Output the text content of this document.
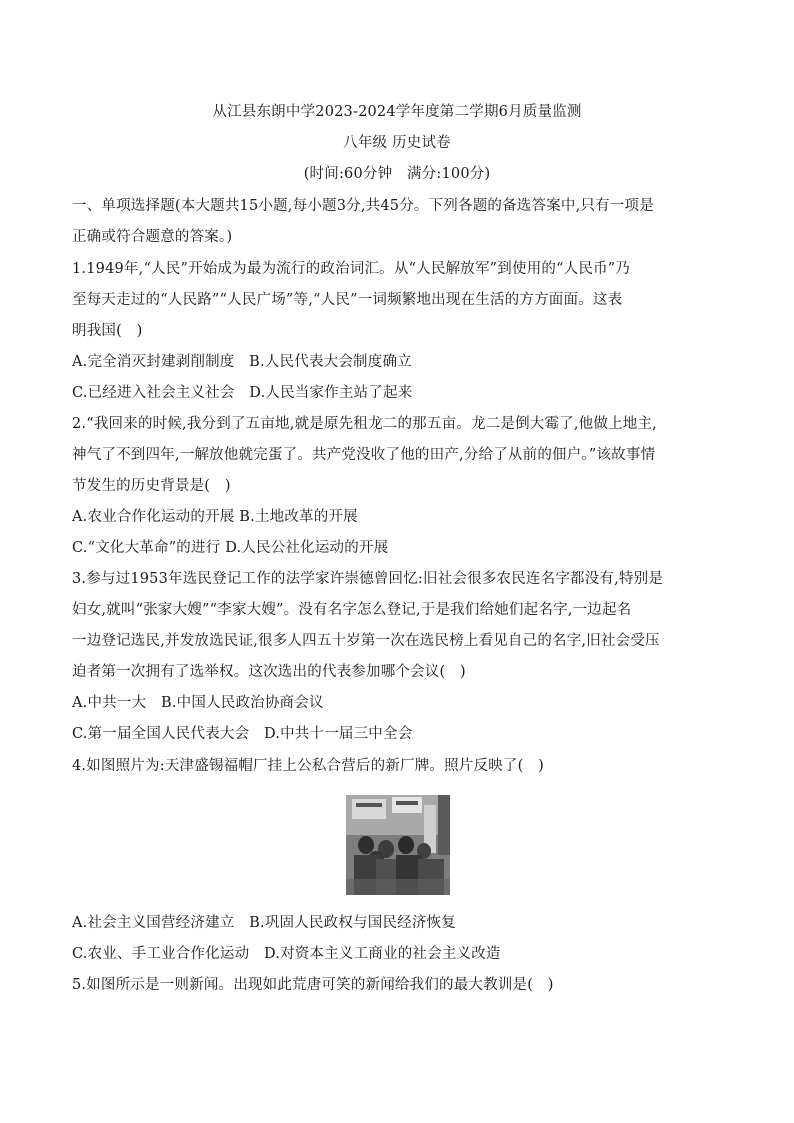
从江县东朗中学2023-2024学年度第二学期6月质量监测
八年级 历史试卷
(时间:60分钟　满分:100分)
一、单项选择题(本大题共15小题,每小题3分,共45分。下列各题的备选答案中,只有一项是
正确或符合题意的答案。)
1.1949年,“人民”开始成为最为流行的政治词汇。从“人民解放军”到使用的“人民币”乃
至每天走过的“人民路”“人民广场”等,“人民”一词频繁地出现在生活的方方面面。这表
明我国(　)
A.完全消灭封建剥削制度　B.人民代表大会制度确立
C.已经进入社会主义社会　D.人民当家作主站了起来
2.“我回来的时候,我分到了五亩地,就是原先租龙二的那五亩。龙二是倒大霉了,他做上地主,
神气了不到四年,一解放他就完蛋了。共产党没收了他的田产,分给了从前的佃户。”该故事情
节发生的历史背景是(　)
A.农业合作化运动的开展 B.土地改革的开展
C.“文化大革命”的进行 D.人民公社化运动的开展
3.参与过1953年选民登记工作的法学家许崇德曾回忆:旧社会很多农民连名字都没有,特别是
妇女,就叫“张家大嫂”“李家大嫂”。没有名字怎么登记,于是我们给她们起名字,一边起名
一边登记选民,并发放选民证,很多人四五十岁第一次在选民榜上看见自己的名字,旧社会受压
迫者第一次拥有了选举权。这次选出的代表参加哪个会议(　)
A.中共一大　B.中国人民政治协商会议
C.第一届全国人民代表大会　D.中共十一届三中全会
4.如图照片为:天津盛锡福帽厂挂上公私合营后的新厂牌。照片反映了(　)
A.社会主义国营经济建立　B.巩固人民政权与国民经济恢复
C.农业、手工业合作化运动　D.对资本主义工商业的社会主义改造
5.如图所示是一则新闻。出现如此荒唐可笑的新闻给我们的最大教训是(　)
